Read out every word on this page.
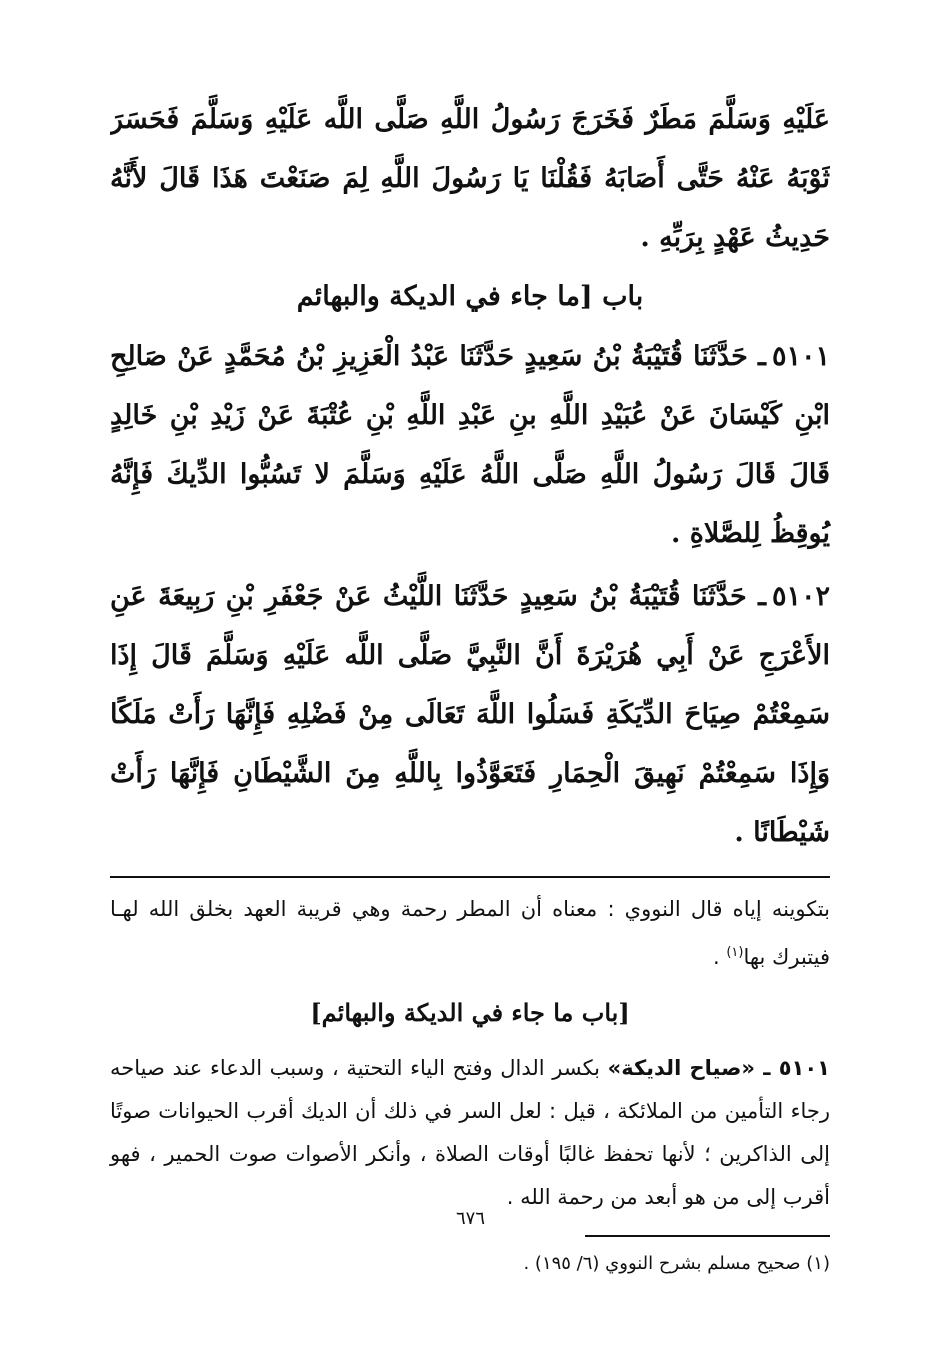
عَلَيْهِ وَسَلَّمَ مَطَرٌ فَخَرَجَ رَسُولُ اللَّهِ صَلَّى اللَّه عَلَيْهِ وَسَلَّمَ فَحَسَرَ ثَوْبَهُ عَنْهُ حَتَّى أَصَابَهُ فَقُلْنَا يَا رَسُولَ اللَّهِ لِمَ صَنَعْتَ هَذَا قَالَ لأَنَّهُ حَدِيثُ عَهْدٍ بِرَبِّهِ .

باب [ما جاء في الديكة والبهائم

٥١٠١ـ حَدَّثَنَا قُتَيْبَةُ بْنُ سَعِيدٍ حَدَّثَنَا عَبْدُ الْعَزِيزِ بْنُ مُحَمَّدٍ عَنْ صَالِحِ ابْنِ كَيْسَانَ عَنْ عُبَيْدِ اللَّهِ بنِ عَبْدِ اللَّهِ بْنِ عُتْبَةَ عَنْ زَيْدِ بْنِ خَالِدٍ قَالَ قَالَ رَسُولُ اللَّهِ صَلَّى اللَّهُ عَلَيْهِ وَسَلَّمَ لا تَسُبُّوا الدِّيكَ فَإِنَّهُ يُوقِظُ لِلصَّلاةِ .

٥١٠٢ـ حَدَّثَنَا قُتَيْبَةُ بْنُ سَعِيدٍ حَدَّثَنَا اللَّيْثُ عَنْ جَعْفَرِ بْنِ رَبِيعَةَ عَنِ الأَعْرَجِ عَنْ أَبِي هُرَيْرَةَ أَنَّ النَّبِيَّ صَلَّى اللَّه عَلَيْهِ وَسَلَّمَ قَالَ إِذَا سَمِعْتُمْ صِيَاحَ الدِّيَكَةِ فَسَلُوا اللَّهَ تَعَالَى مِنْ فَضْلِهِ فَإِنَّهَا رَأَتْ مَلَكًا وَإِذَا سَمِعْتُمْ نَهِيقَ الْحِمَارِ فَتَعَوَّذُوا بِاللَّهِ مِنَ الشَّيْطَانِ فَإِنَّهَا رَأَتْ شَيْطَانًا .

بتكوينه إياه قال النووي : معناه أن المطر رحمة وهي قريبة العهد بخلق الله لهـا فيتبرك بها$^{(١)}$ .

[باب ما جاء في الديكة والبهائم]

٥١٠١ ـ «صياح الديكة» بكسر الدال وفتح الياء التحتية ، وسبب الدعاء عند صياحه رجاء التأمين من الملائكة ، قيل : لعل السر في ذلك أن الديك أقرب الحيوانات صوتًا إلى الذاكرين ؛ لأنها تحفظ غالبًا أوقات الصلاة ، وأنكر الأصوات صوت الحمير ، فهو أقرب إلى من هو أبعد من رحمة الله .

(١) صحيح مسلم بشرح النووي (٦/ ١٩٥) .

٦٧٦
